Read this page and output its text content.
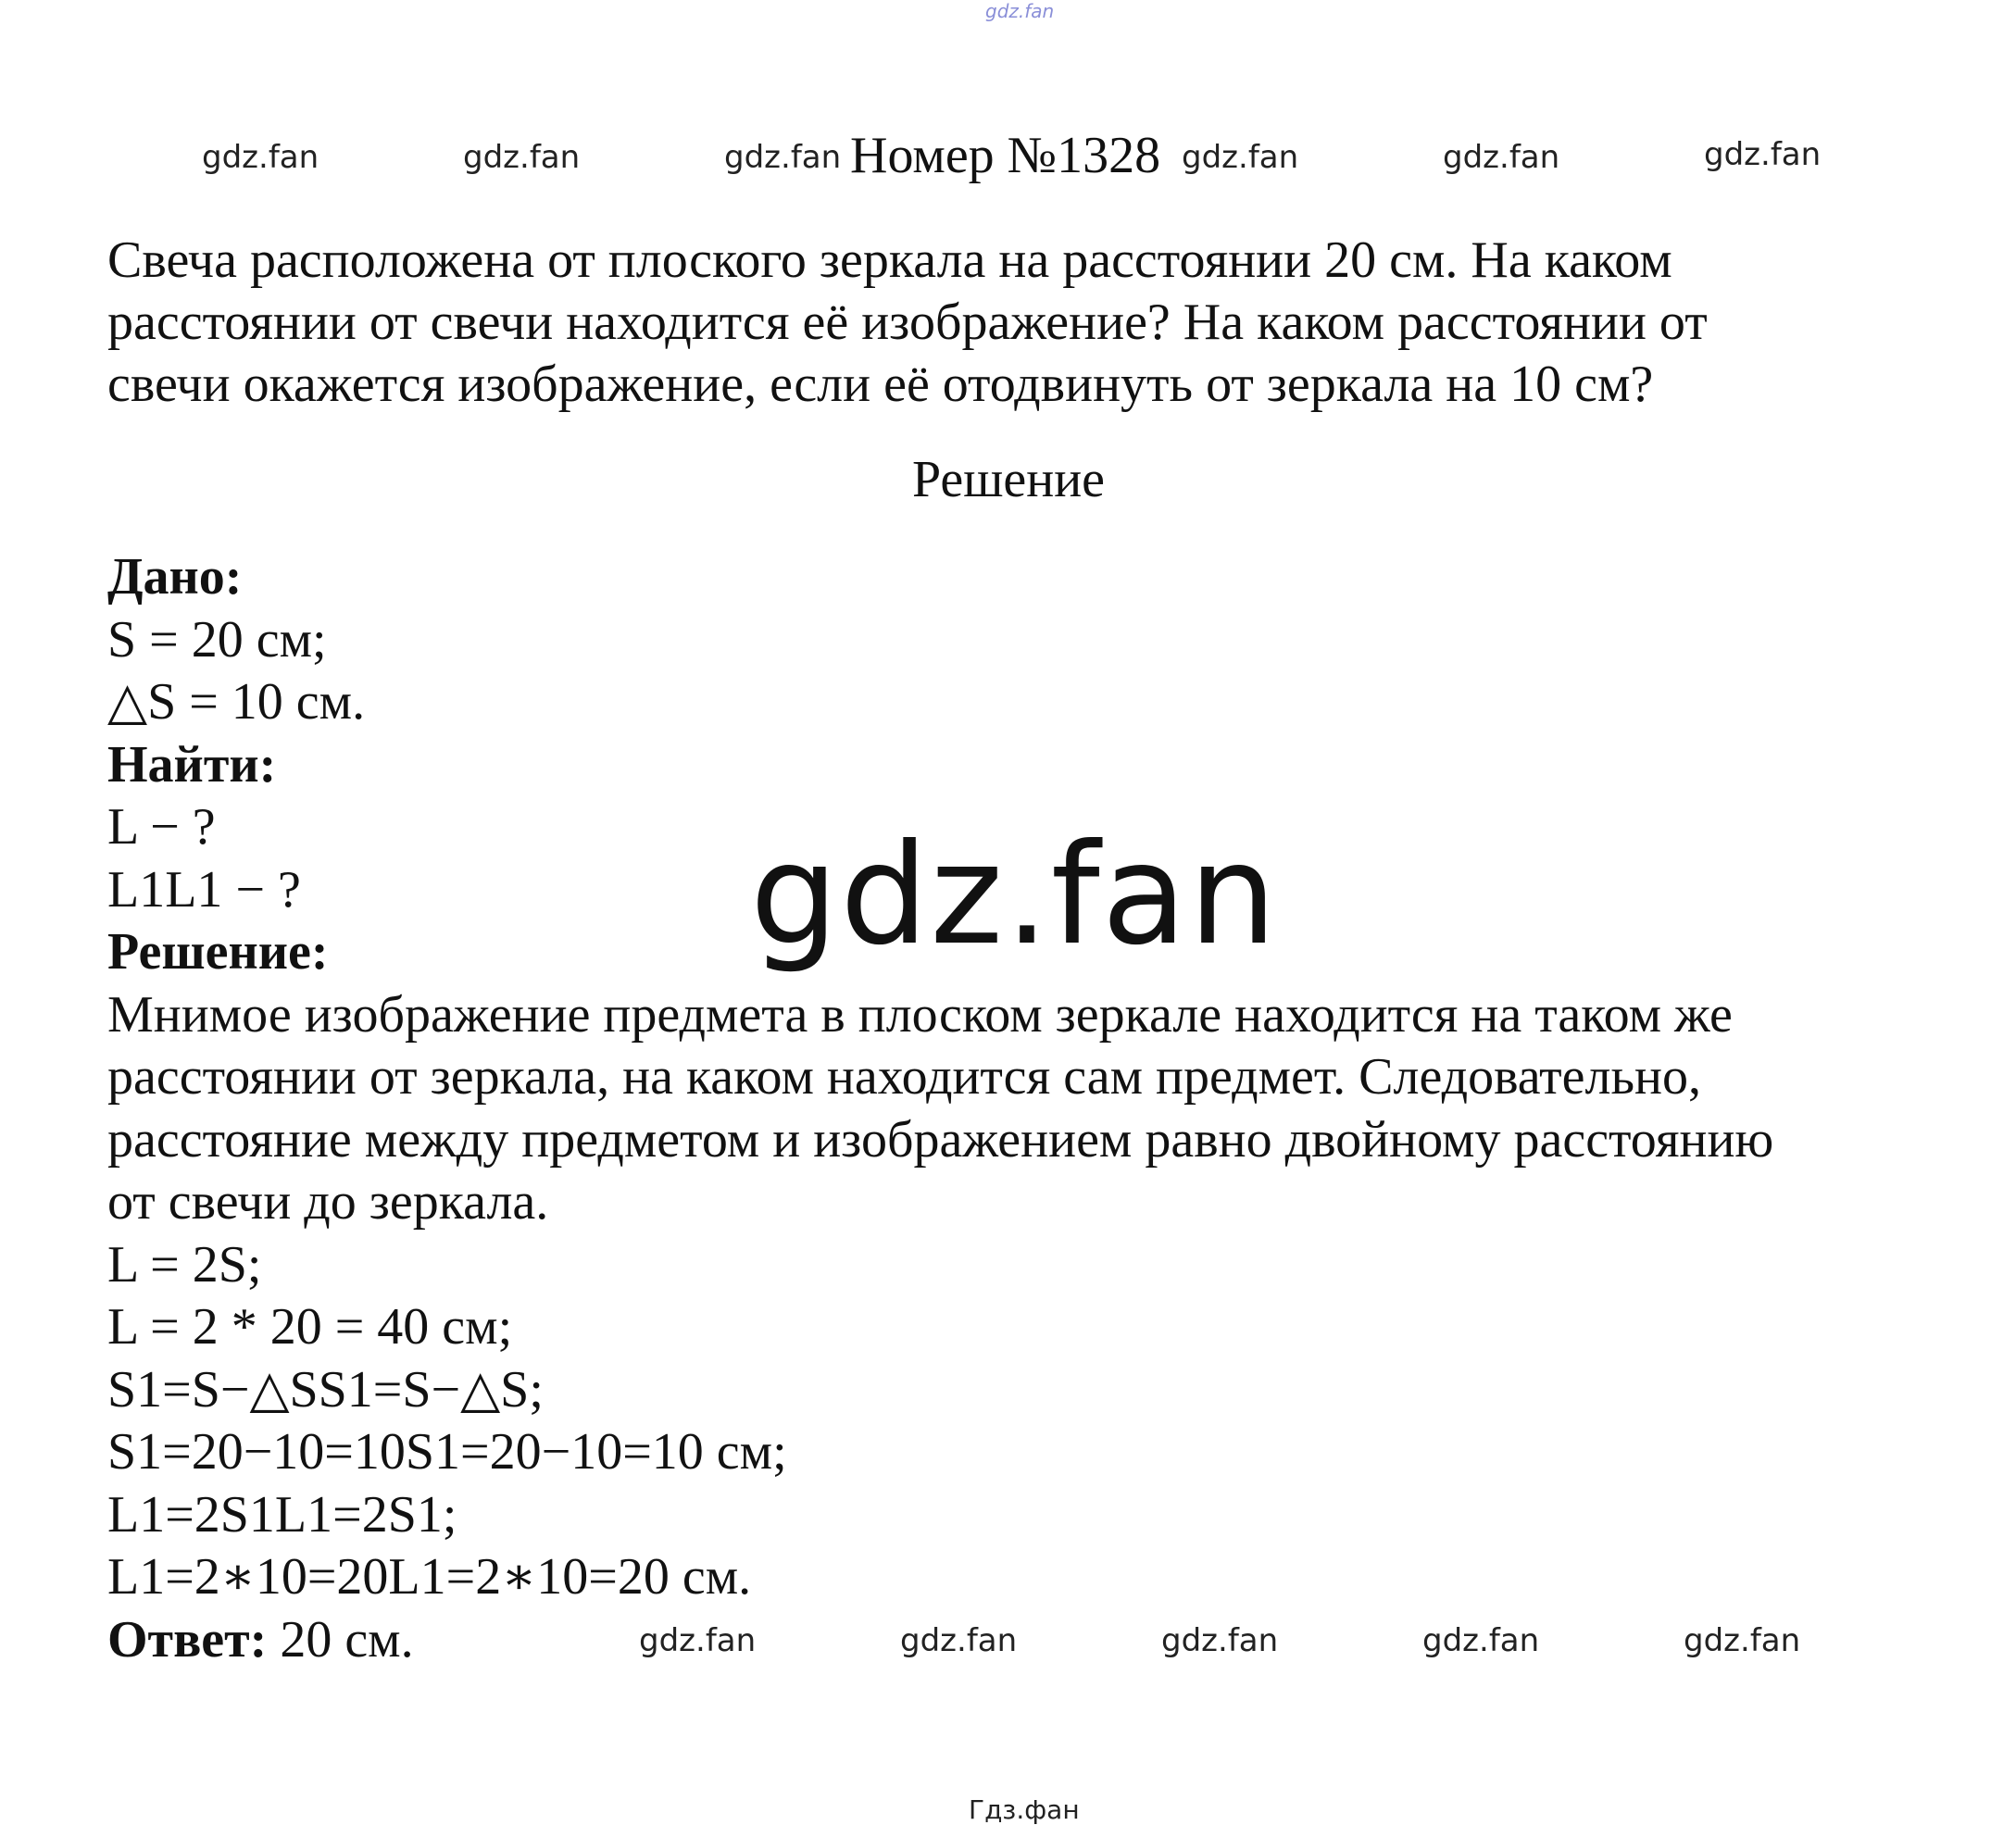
gdz.fan
gdz.fan	gdz.fan	gdz.fan	gdz.fan	gdz.fan	gdz.fan
Номер №1328
Свеча расположена от плоского зеркала на расстоянии 20 см. На каком
расстоянии от свечи находится её изображение? На каком расстоянии от
свечи окажется изображение, если её отодвинуть от зеркала на 10 см?
Решение
Дано:
S = 20 см;
△S = 10 см.
Найти:
L − ?
L1L1 − ?
Решение:
Мнимое изображение предмета в плоском зеркале находится на таком же
расстоянии от зеркала, на каком находится сам предмет. Следовательно,
расстояние между предметом и изображением равно двойному расстоянию
от свечи до зеркала.
L = 2S;
L = 2 * 20 = 40 см;
S1=S−△SS1=S−△S;
S1=20−10=10S1=20−10=10 см;
L1=2S1L1=2S1;
L1=2∗10=20L1=2∗10=20 см.
Ответ: 20 см.	gdz.fan	gdz.fan	gdz.fan	gdz.fan	gdz.fan
gdz.fan
Гдз.фан
